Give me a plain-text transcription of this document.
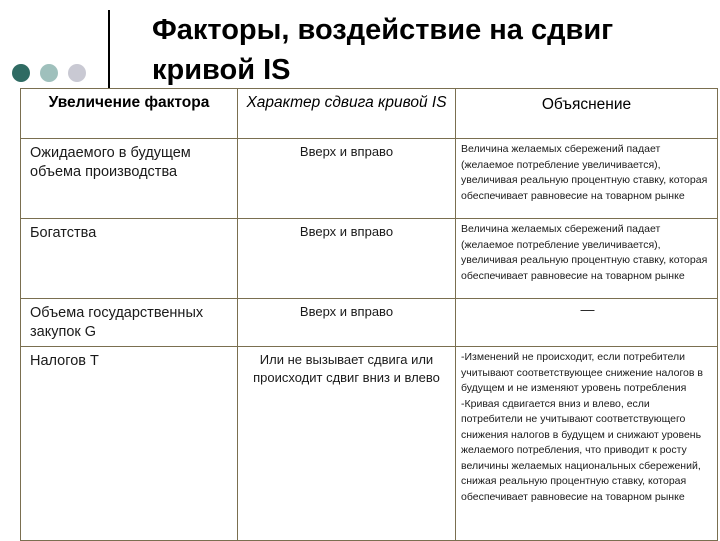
Факторы, воздействие на сдвиг
кривой IS
Увеличение фактора	Характер сдвига кривой IS	Объяснение

Ожидаемого в будущем объема производства	Вверх и вправо	Величина желаемых сбережений падает (желаемое потребление увеличивается), увеличивая реальную процентную ставку, которая обеспечивает равновесие на товарном рынке
Богатства	Вверх и вправо	Величина желаемых сбережений падает (желаемое потребление увеличивается), увеличивая реальную процентную ставку, которая обеспечивает равновесие на товарном рынке
Объема государственных закупок G	Вверх и вправо	—
Налогов T	Или не вызывает сдвига или происходит сдвиг вниз и влево	-Изменений не происходит, если потребители учитывают соответствующее снижение налогов в будущем и не изменяют уровень потребления
-Кривая сдвигается вниз и влево, если потребители не учитывают соответствующего снижения налогов в будущем и снижают уровень желаемого потребления, что приводит к росту величины желаемых национальных сбережений, снижая реальную процентную ставку, которая обеспечивает равновесие на товарном рынке
